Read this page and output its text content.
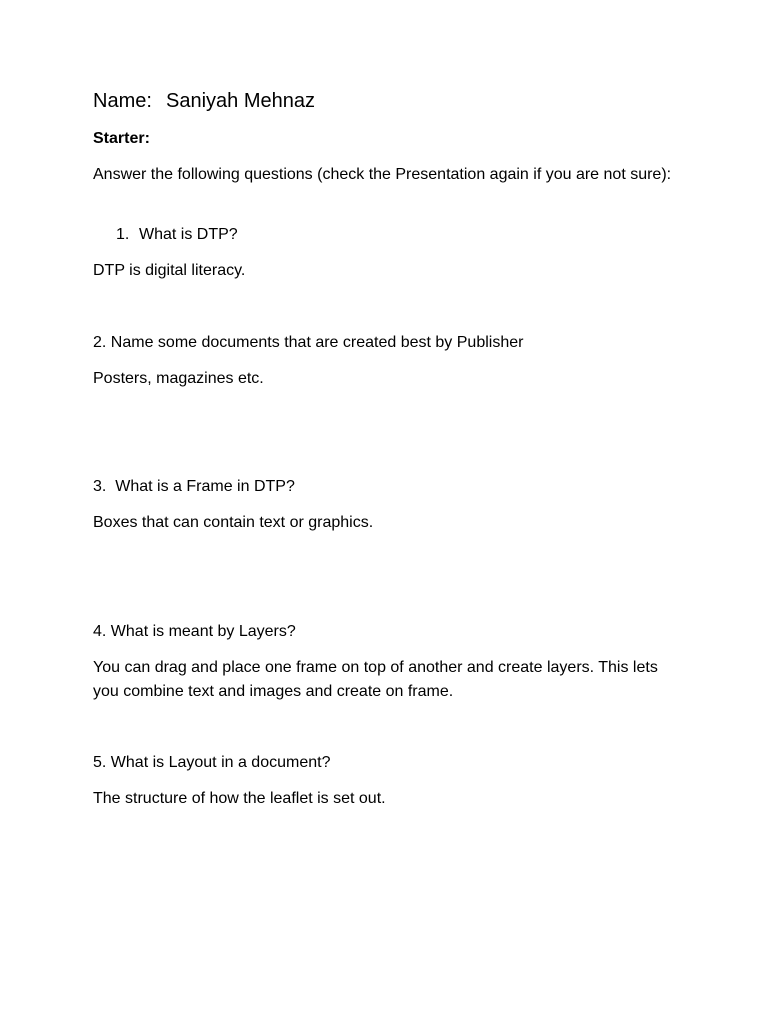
Name: Saniyah Mehnaz
Starter:
Answer the following questions (check the Presentation again if you are not sure):
1. What is DTP?
DTP is digital literacy.
2. Name some documents that are created best by Publisher
Posters, magazines etc.
3.  What is a Frame in DTP?
Boxes that can contain text or graphics.
4. What is meant by Layers?
You can drag and place one frame on top of another and create layers. This lets you combine text and images and create on frame.
5. What is Layout in a document?
The structure of how the leaflet is set out.
